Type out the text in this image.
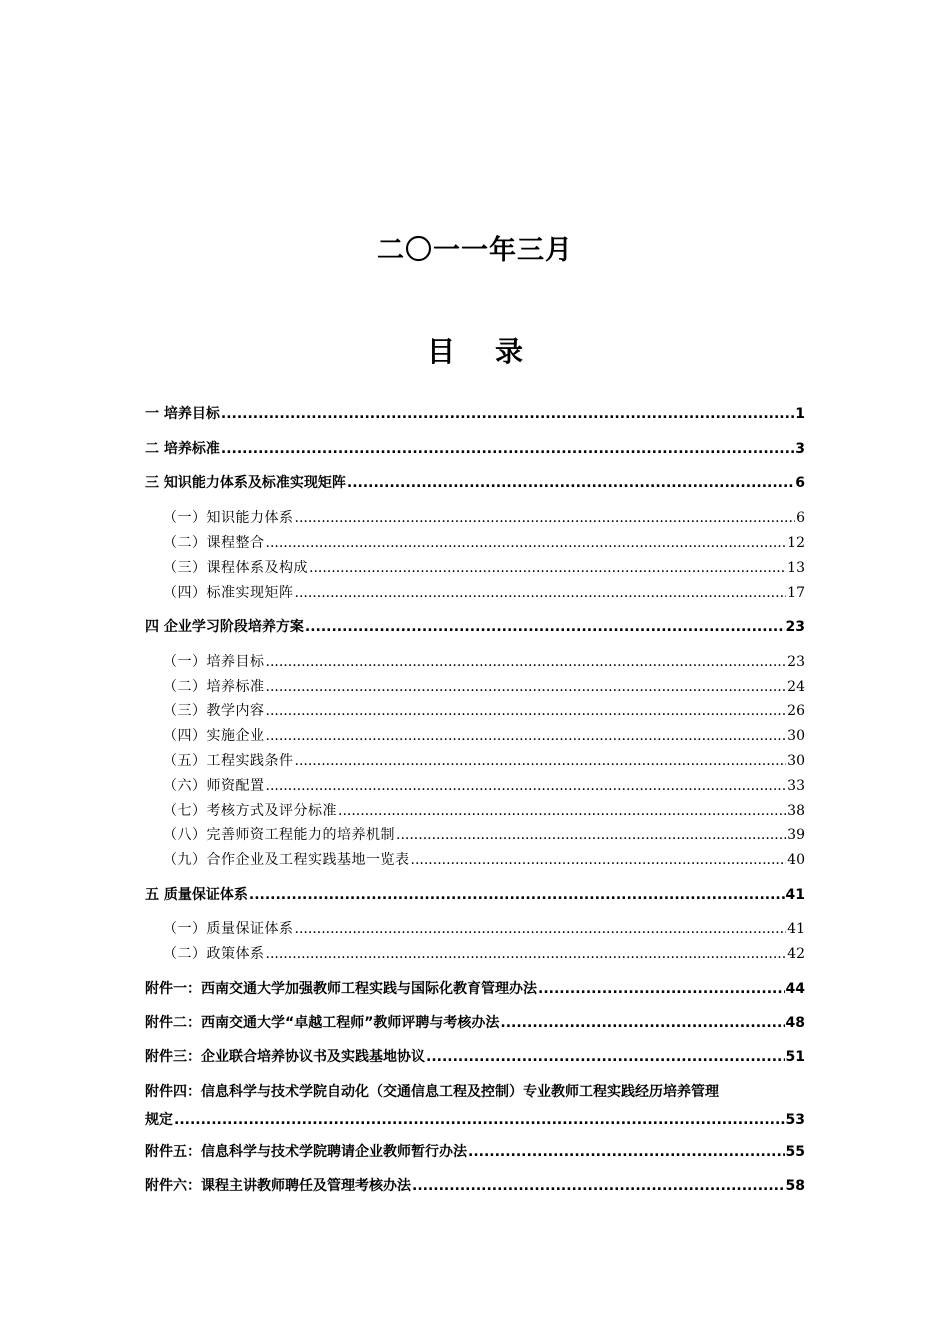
二〇一一年三月
目 录
一 培养目标 .....	1
二 培养标准 .....	3
三 知识能力体系及标准实现矩阵 .....	6
（一）知识能力体系 .....	6
（二）课程整合 .....	12
（三）课程体系及构成 .....	13
（四）标准实现矩阵 .....	17
四 企业学习阶段培养方案 .....	23
（一）培养目标 .....	23
（二）培养标准 .....	24
（三）教学内容 .....	26
（四）实施企业 .....	30
（五）工程实践条件 .....	30
（六）师资配置 .....	33
（七）考核方式及评分标准 .....	38
（八）完善师资工程能力的培养机制 .....	39
（九）合作企业及工程实践基地一览表 .....	40
五 质量保证体系 .....	41
（一）质量保证体系 .....	41
（二）政策体系 .....	42
附件一：西南交通大学加强教师工程实践与国际化教育管理办法 .....	44
附件二：西南交通大学“卓越工程师”教师评聘与考核办法 .....	48
附件三：企业联合培养协议书及实践基地协议 .....	51
附件四：信息科学与技术学院自动化（交通信息工程及控制）专业教师工程实践经历培养管理
规定 .....	53
附件五：信息科学与技术学院聘请企业教师暂行办法 .....	55
附件六：课程主讲教师聘任及管理考核办法 .....	58
